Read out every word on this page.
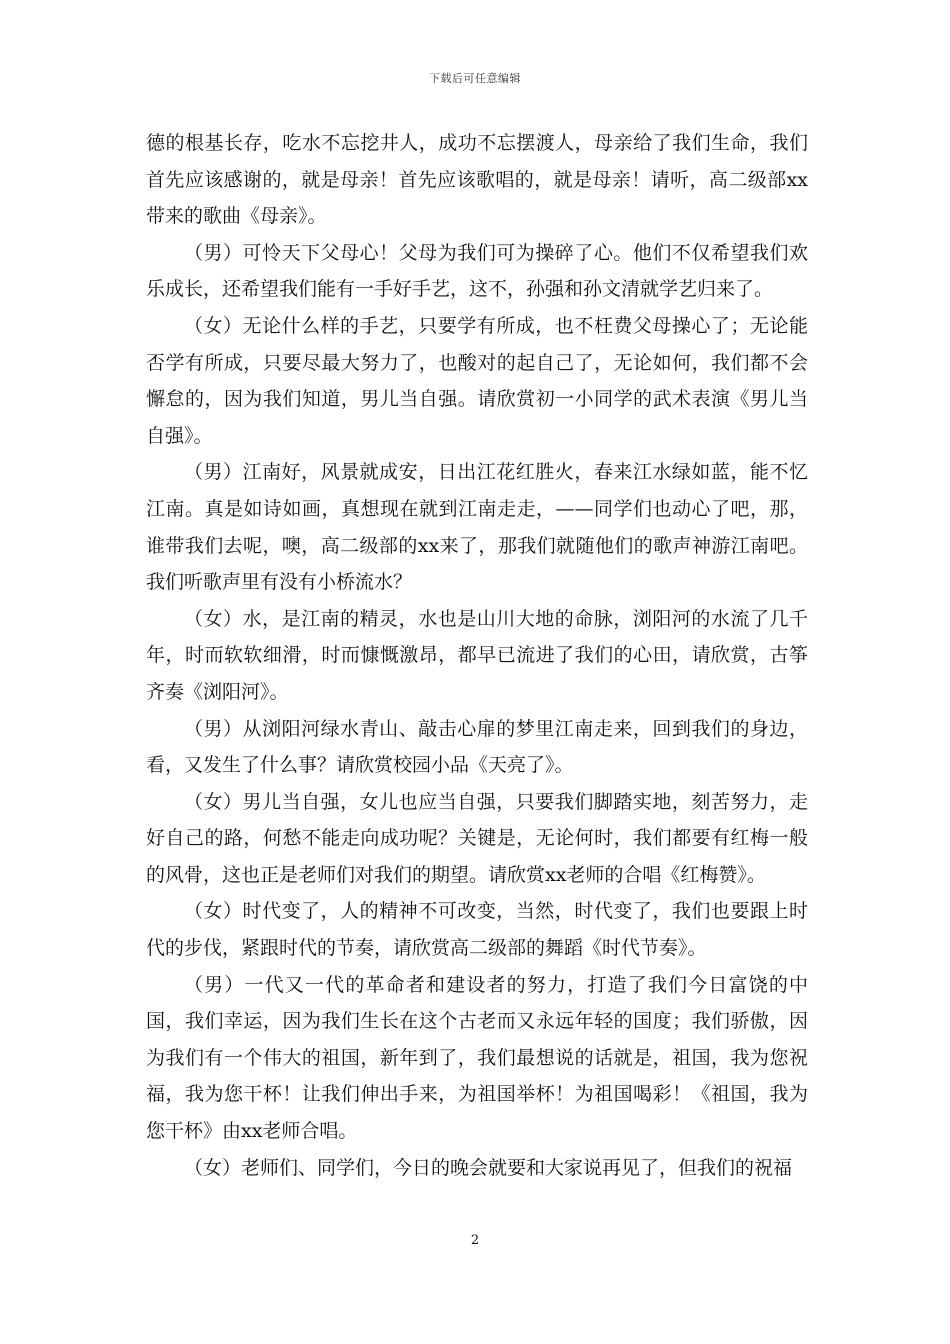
下载后可任意编辑

德的根基长存，吃水不忘挖井人，成功不忘摆渡人，母亲给了我们生命，我们首先应该感谢的，就是母亲！首先应该歌唱的，就是母亲！请听，高二级部xx带来的歌曲《母亲》。

（男）可怜天下父母心！父母为我们可为操碎了心。他们不仅希望我们欢乐成长，还希望我们能有一手好手艺，这不，孙强和孙文清就学艺归来了。

（女）无论什么样的手艺，只要学有所成，也不枉费父母操心了；无论能否学有所成，只要尽最大努力了，也酸对的起自己了，无论如何，我们都不会懈怠的，因为我们知道，男儿当自强。请欣赏初一小同学的武术表演《男儿当自强》。

（男）江南好，风景就成安，日出江花红胜火，春来江水绿如蓝，能不忆江南。真是如诗如画，真想现在就到江南走走，——同学们也动心了吧，那，谁带我们去呢，噢，高二级部的xx来了，那我们就随他们的歌声神游江南吧。我们听歌声里有没有小桥流水？

（女）水，是江南的精灵，水也是山川大地的命脉，浏阳河的水流了几千年，时而软软细滑，时而慷慨激昂，都早已流进了我们的心田，请欣赏，古筝齐奏《浏阳河》。

（男）从浏阳河绿水青山、敲击心扉的梦里江南走来，回到我们的身边，看，又发生了什么事？请欣赏校园小品《天亮了》。

（女）男儿当自强，女儿也应当自强，只要我们脚踏实地，刻苦努力，走好自己的路，何愁不能走向成功呢？关键是，无论何时，我们都要有红梅一般的风骨，这也正是老师们对我们的期望。请欣赏xx老师的合唱《红梅赞》。

（女）时代变了，人的精神不可改变，当然，时代变了，我们也要跟上时代的步伐，紧跟时代的节奏，请欣赏高二级部的舞蹈《时代节奏》。

（男）一代又一代的革命者和建设者的努力，打造了我们今日富饶的中国，我们幸运，因为我们生长在这个古老而又永远年轻的国度；我们骄傲，因为我们有一个伟大的祖国，新年到了，我们最想说的话就是，祖国，我为您祝福，我为您干杯！让我们伸出手来，为祖国举杯！为祖国喝彩！《祖国，我为您干杯》由xx老师合唱。

（女）老师们、同学们，今日的晚会就要和大家说再见了，但我们的祝福

2
